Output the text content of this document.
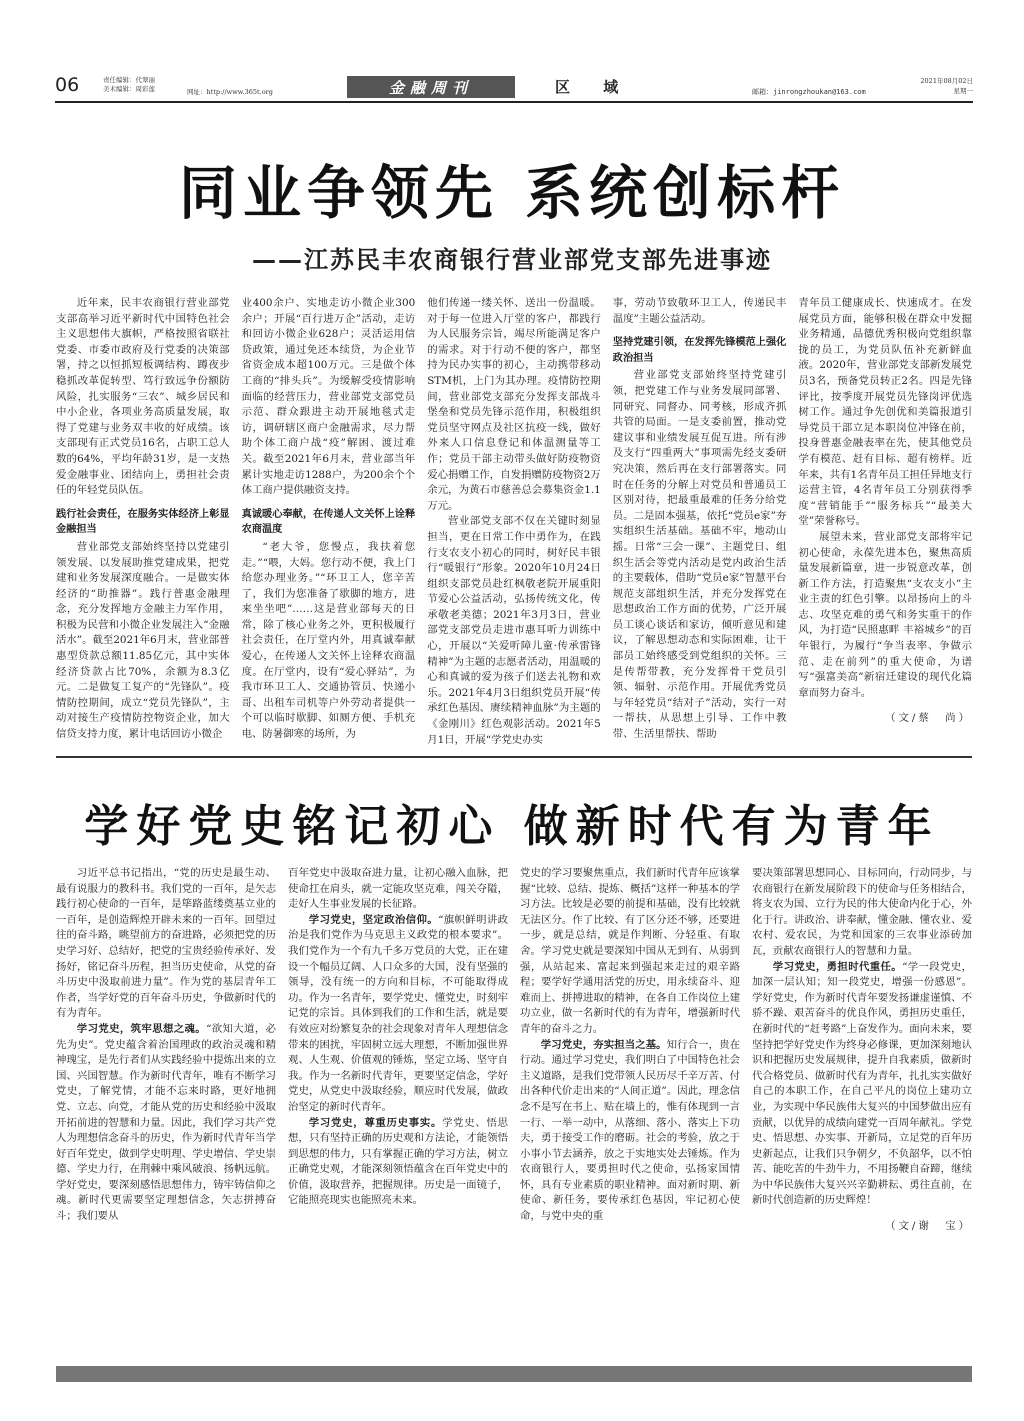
06	责任编辑：代翠丽
美术编辑：周彩莲	网址：http://www.365t.org	金融周刊	区 域	邮箱：jinrongzhoukan@163.com
2021年08月02日
星期一
同业争领先 系统创标杆
——江苏民丰农商银行营业部党支部先进事迹

近年来，民丰农商银行营业部党支部高举习近平新时代中国特色社会主义思想伟大旗帜，严格按照省联社党委、市委市政府及行党委的决策部署，持之以恒抓短板调结构、蹲夜步稳抓改革促转型、笃行致远争份额防风险，扎实服务“三农”、城乡居民和中小企业，各项业务高质量发展，取得了党建与业务双丰收的好成绩。该支部现有正式党员16名，占职工总人数的64%，平均年龄31岁，是一支热爱金融事业、团结向上，勇担社会责任的年轻党员队伍。

践行社会责任，在服务实体经济上彰显金融担当

营业部党支部始终坚持以党建引领发展、以发展助推党建成果，把党建和业务发展深度融合。一是做实体经济的“助推器”。践行普惠金融理念，充分发挥地方金融主力军作用，积极为民营和小微企业发展注入“金融活水”。截至2021年6月末，营业部普惠型贷款总额11.85亿元，其中实体经济贷款占比70%，余额为8.3亿元。二是做复工复产的“先锋队”。疫情防控期间，成立“党员先锋队”，主动对接生产疫情防控物资企业，加大信贷支持力度，累计电话回访小微企

业400余户、实地走访小微企业300余户；开展“百行进万企”活动，走访和回访小微企业628户；灵活运用信贷政策，通过免还本续贷，为企业节省资金成本超100万元。三是做个体工商的“排头兵”。为缓解受疫情影响面临的经营压力，营业部党支部党员示范、群众跟进主动开展地毯式走访，调研辖区商户金融需求，尽力帮助个体工商户战“疫”解困、渡过难关。截至2021年6月末，营业部当年累计实地走访1288户，为200余个个体工商户提供融资支持。

真诚暖心奉献，在传递人文关怀上诠释农商温度

“老大爷，您慢点，我扶着您走。”“喂，大妈。您行动不便，我上门给您办理业务。”“环卫工人，您辛苦了，我们为您准备了歇脚的地方，进来坐坐吧”……这是营业部每天的日常，除了核心业务之外，更积极履行社会责任，在厅堂内外，用真诚奉献爱心，在传递人文关怀上诠释农商温度。在厅堂内，设有“爱心驿站”，为我市环卫工人、交通协管员、快递小哥、出租车司机等户外劳动者提供一个可以临时歇脚、如厕方便、手机充电、防暑御寒的场所，为

他们传递一缕关怀、送出一份温暖。对于每一位进入厅堂的客户，都践行为人民服务宗旨，竭尽所能满足客户的需求。对于行动不便的客户，都坚持为民办实事的初心，主动携带移动STM机，上门为其办理。疫情防控期间，营业部党支部充分发挥支部战斗堡垒和党员先锋示范作用，积极组织党员坚守网点及社区抗疫一线，做好外来人口信息登记和体温测量等工作；党员干部主动带头做好防疫物资爱心捐赠工作，自发捐赠防疫物资2万余元，为黄石市慈善总会募集资金1.1万元。

营业部党支部不仅在关键时刻显担当，更在日常工作中勇作为，在践行支农支小初心的同时，树好民丰银行“暖银行”形象。2020年10月24日组织支部党员赴红枫敬老院开展重阳节爱心公益活动，弘扬传统文化，传承敬老美德；2021年3月3日，营业部党支部党员走进市惠耳听力训练中心，开展以“关爱听障儿童·传承雷锋精神”为主题的志愿者活动，用温暖的心和真诚的爱为孩子们送去礼物和欢乐。2021年4月3日组织党员开展“传承红色基因、赓续精神血脉”为主题的《金刚川》红色观影活动。2021年5月1日，开展“学党史办实

事，劳动节致敬环卫工人，传递民丰温度”主题公益活动。

坚持党建引领，在发挥先锋模范上强化政治担当

营业部党支部始终坚持党建引领，把党建工作与业务发展同部署、同研究、同督办、同考核，形成齐抓共管的局面。一是支委前置，推动党建议事和业绩发展互促互进。所有涉及支行“四重两大”事项需先经支委研究决策，然后再在支行部署落实。同时在任务的分解上对党员和普通员工区别对待，把最重最难的任务分给党员。二是固本强基，依托“党员e家”夯实组织生活基础。基础不牢，地动山摇。日常“三会一课”、主题党日、组织生活会等党内活动是党内政治生活的主要载体，借助“党员e家”智慧平台规范支部组织生活，并充分发挥党在思想政治工作方面的优势，广泛开展员工谈心谈话和家访，倾听意见和建议，了解思想动态和实际困难，让干部员工始终感受到党组织的关怀。三是传帮带教，充分发挥骨干党员引领、辐射、示范作用。开展优秀党员与年轻党员“结对子”活动，实行一对一帮扶，从思想上引导、工作中教带、生活里帮扶、帮助

青年员工健康成长、快速成才。在发展党员方面，能够积极在群众中发掘业务精通，品德优秀积极向党组织靠拢的员工，为党员队伍补充新鲜血液。2020年，营业部党支部新发展党员3名，预备党员转正2名。四是先锋评比，按季度开展党员先锋岗评优选树工作。通过争先创优和美篇报道引导党员干部立足本职岗位冲锋在前，投身普惠金融表率在先，使其他党员学有模范、赶有目标、超有榜样。近年来，共有1名青年员工担任异地支行运营主管，4名青年员工分别获得季度“营销能手”“服务标兵”“最美大堂”荣誉称号。

展望未来，营业部党支部将牢记初心使命，永葆先进本色，聚焦高质量发展新篇章，进一步锐意改革，创新工作方法，打造聚焦“支农支小”主业主责的红色引擎。以昂扬向上的斗志、攻坚克难的勇气和务实重干的作风，为打造“民照惠畔 丰裕城乡”的百年银行，为履行“争当表率、争做示范、走在前列”的重大使命，为谱写“强富美高”新宿迁建设的现代化篇章而努力奋斗。

（文/蔡　尚）

学好党史铭记初心 做新时代有为青年

习近平总书记指出，“党的历史是最生动、最有说服力的教科书。我们党的一百年，是矢志践行初心使命的一百年，是筚路蓝缕奠基立业的一百年，是创造辉煌开辟未来的一百年。回望过往的奋斗路，眺望前方的奋进路，必须把党的历史学习好、总结好，把党的宝贵经验传承好、发扬好，铭记奋斗历程，担当历史使命，从党的奋斗历史中汲取前进力量”。作为党的基层青年工作者，当学好党的百年奋斗历史，争做新时代的有为青年。

学习党史，筑牢思想之魂。“欲知大道，必先为史”。党史蕴含着治国理政的政治灵魂和精神瑰宝，是先行者们从实践经验中提炼出来的立国、兴国智慧。作为新时代青年，唯有不断学习党史，了解党情，才能不忘来时路，更好地拥党、立志、向党，才能从党的历史和经验中汲取开拓前进的智慧和力量。因此，我们学习共产党人为理想信念奋斗的历史，作为新时代青年当学好百年党史，做到学史明理、学史增信、学史崇德、学史力行，在荆棘中乘风破浪、扬帆远航。学好党史，要深刻感悟思想伟力，铸牢铸信仰之魂。新时代更需要坚定理想信念，矢志拼搏奋斗；我们要从

百年党史中汲取奋进力量，让初心融入血脉，把使命扛在肩头，就一定能攻坚克难，闯关夺隘，走好人生事业发展的长征路。

学习党史，坚定政治信仰。“旗帜鲜明讲政治是我们党作为马克思主义政党的根本要求”。我们党作为一个有九千多万党员的大党，正在建设一个幅员辽阔、人口众多的大国，没有坚强的领导，没有统一的方向和目标，不可能取得成功。作为一名青年，要学党史、懂党史，时刻牢记党的宗旨。具体到我们的工作和生活，就是要有效应对纷繁复杂的社会现象对青年人理想信念带来的困扰，牢固树立远大理想，不断加强世界观、人生观、价值观的锤炼，坚定立场、坚守自我。作为一名新时代青年，更要坚定信念，学好党史，从党史中汲取经验，顺应时代发展，做政治坚定的新时代青年。

学习党史，尊重历史事实。学党史、悟思想，只有坚持正确的历史观和方法论，才能领悟到思想的伟力，只有掌握正确的学习方法，树立正确党史观，才能深刻领悟蕴含在百年党史中的价值，汲取营养，把握规律。历史是一面镜子，它能照亮现实也能照亮未来。

党史的学习要聚焦重点，我们新时代青年应该掌握“比较、总结、提炼、概括”这样一种基本的学习方法。比较是必要的前提和基础，没有比较就无法区分。作了比较、有了区分还不够，还要进一步，就是总结，就是作判断、分轻重、有取舍。学习党史就是要深知中国从无到有、从弱到强，从站起来、富起来到强起来走过的艰辛路程；要学好学通用活党的历史，用永续奋斗、迎难而上、拼搏进取的精神，在各自工作岗位上建功立业，做一名新时代的有为青年，增强新时代青年的奋斗之力。

学习党史，夯实担当之基。知行合一，贵在行动。通过学习党史，我们明白了中国特色社会主义道路，是我们党带领人民历尽千辛万苦、付出各种代价走出来的“人间正道”。因此，理念信念不是写在书上、贴在墙上的，惟有体现到一言一行、一举一动中，从落细、落小、落实上下功夫，勇于接受工作的磨砺。社会的考验，放之于小事小节去涵养，放之于实地实处去锤炼。作为农商银行人，要勇担时代之使命，弘扬家国情怀，具有专业素质的职业精神。面对新时期、新使命、新任务，要传承红色基因，牢记初心使命，与党中央的重

要决策部署思想同心、目标同向，行动同步，与农商银行在新发展阶段下的使命与任务相结合，将支农为国、立行为民的伟大使命内化于心，外化于行。讲政治、讲奉献，懂金融、懂农业、爱农村、爱农民，为党和国家的三农事业添砖加瓦，贡献农商银行人的智慧和力量。

学习党史，勇担时代重任。“学一段党史，加深一层认知；知一段党史，增强一份感恩”。学好党史，作为新时代青年要发扬谦虚谨慎、不骄不躁、艰苦奋斗的优良作风，勇担历史重任，在新时代的“赶考路”上奋发作为。面向未来，要坚持把学好党史作为终身必修课，更加深刻地认识和把握历史发展规律，提升自我素质，做新时代合格党员、做新时代有为青年，扎扎实实做好自己的本职工作，在自己平凡的岗位上建功立业，为实现中华民族伟大复兴的中国梦做出应有贡献，以优异的成绩向建党一百周年献礼。学党史、悟思想、办实事、开新局，立足党的百年历史新起点，让我们只争朝夕，不负韶华，以不怕苦、能吃苦的牛劲牛力，不用扬鞭自奋蹄，继续为中华民族伟大复兴兴辛勤耕耘、勇往直前，在新时代创造新的历史辉煌！

（文/谢　宝）
